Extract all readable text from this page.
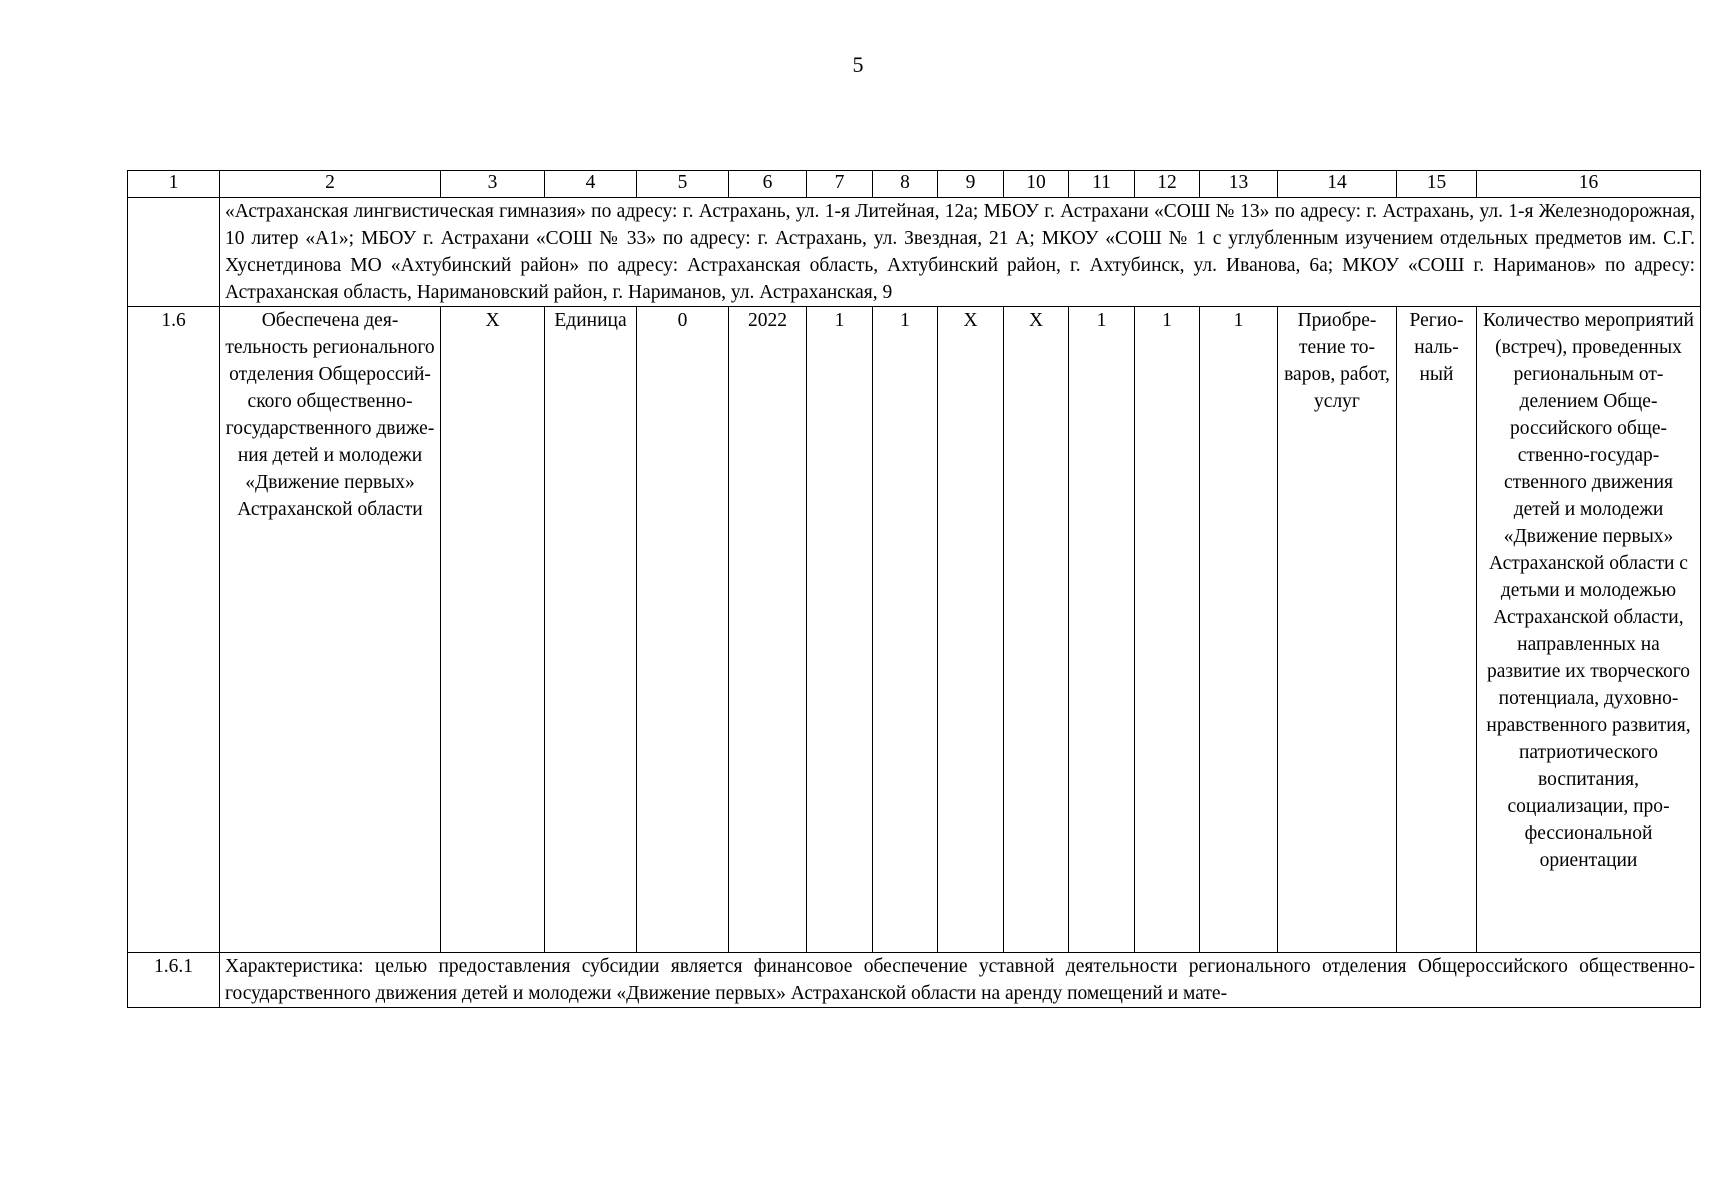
5
1	2	3	4	5	6	7	8	9	10	11	12	13	14	15	16
	«Астраханская лингвистическая гимназия» по адресу: г. Астрахань, ул. 1-я Литейная, 12а; МБОУ г. Астрахани «СОШ № 13» по адресу: г. Астрахань, ул. 1-я Железнодорожная, 10 литер «А1»; МБОУ г. Астрахани «СОШ № 33» по адресу: г. Астрахань, ул. Звездная, 21 А; МКОУ «СОШ № 1 с углубленным изучением отдельных предметов им. С.Г. Хуснетдинова МО «Ахтубинский район» по адресу: Астраханская область, Ахтубинский район, г. Ахтубинск, ул. Иванова, 6а; МКОУ «СОШ г. Нариманов» по адресу: Астраханская область, Наримановский район, г. Нариманов, ул. Астраханская, 9														
1.6	Обеспечена деятельность регионального отделения Общероссийского общественно-государственного движения детей и молодежи «Движение первых» Астраханской области	Х	Единица	0	2022	1	1	Х	Х	1	1	1	Приобретение товаров, работ, услуг	Региональный	Количество мероприятий (встреч), проведенных региональным отделением Общероссийского общественно-государственного движения детей и молодежи «Движение первых» Астраханской области с детьми и молодежью Астраханской области, направленных на развитие их творческого потенциала, духовно-нравственного развития, патриотического воспитания, социализации, профессиональной ориентации
1.6.1	Характеристика: целью предоставления субсидии является финансовое обеспечение уставной деятельности регионального отделения Общероссийского общественно-государственного движения детей и молодежи «Движение первых» Астраханской области на аренду помещений и мате-														
